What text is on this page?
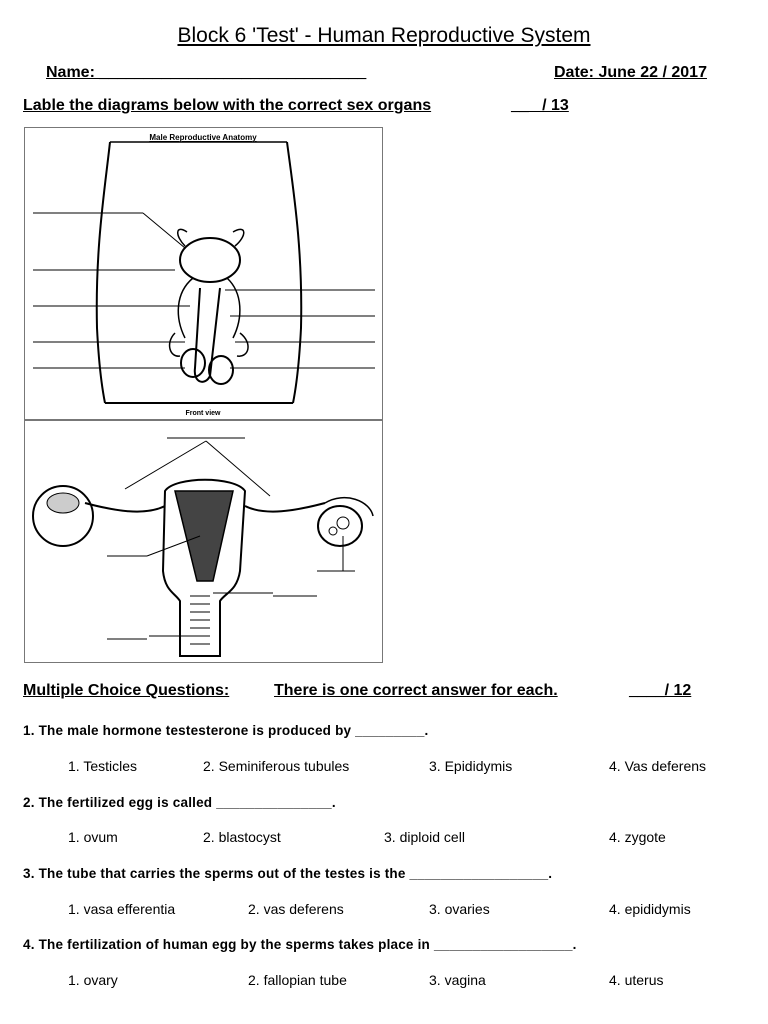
Block 6 'Test' - Human Reproductive System
Name: ______________________________	Date: June 22 / 2017
Lable the diagrams below with the correct sex organs	__   / 13
Male Reproductive Anatomy
Front view
Multiple Choice Questions:	There is one correct answer for each.	____/ 12
1. The male hormone testesterone is produced by _________.
1. Testicles	2. Seminiferous tubules	3. Epididymis	4. Vas deferens
2. The fertilized egg is called _______________.
1. ovum	2. blastocyst	3. diploid cell	4. zygote
3. The tube that carries the sperms out of the testes is the __________________.
1. vasa efferentia	2. vas deferens	3. ovaries	4. epididymis
4. The fertilization of human egg by the sperms takes place in __________________.
1. ovary	2. fallopian tube	3. vagina	4. uterus
